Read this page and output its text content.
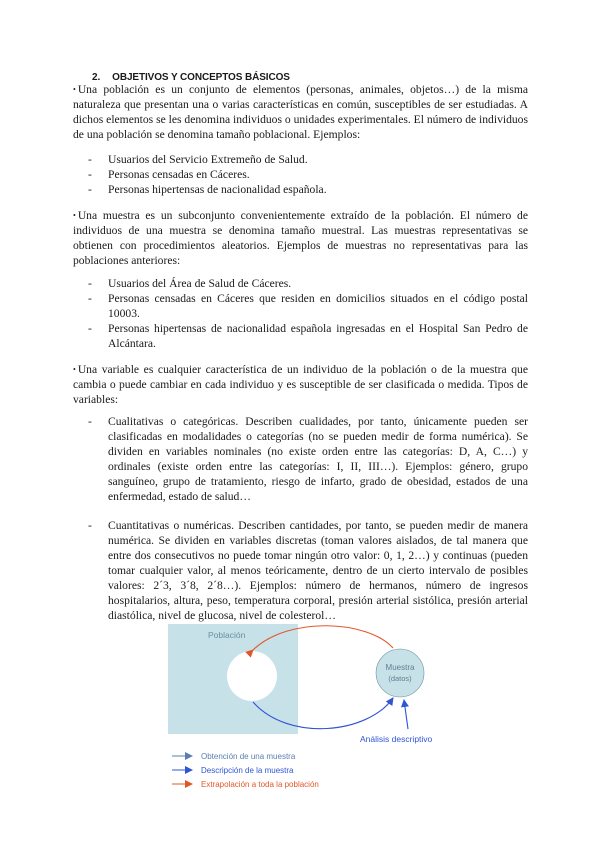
2. OBJETIVOS Y CONCEPTOS BÁSICOS

• Una población es un conjunto de elementos (personas, animales, objetos…) de la misma naturaleza que presentan una o varias características en común, susceptibles de ser estudiadas. A dichos elementos se les denomina individuos o unidades experimentales. El número de individuos de una población se denomina tamaño poblacional. Ejemplos:

- Usuarios del Servicio Extremeño de Salud.
- Personas censadas en Cáceres.
- Personas hipertensas de nacionalidad española.

• Una muestra es un subconjunto convenientemente extraído de la población. El número de individuos de una muestra se denomina tamaño muestral. Las muestras representativas se obtienen con procedimientos aleatorios. Ejemplos de muestras no representativas para las poblaciones anteriores:

- Usuarios del Área de Salud de Cáceres.
- Personas censadas en Cáceres que residen en domicilios situados en el código postal 10003.
- Personas hipertensas de nacionalidad española ingresadas en el Hospital San Pedro de Alcántara.

• Una variable es cualquier característica de un individuo de la población o de la muestra que cambia o puede cambiar en cada individuo y es susceptible de ser clasificada o medida. Tipos de variables:

- Cualitativas o categóricas. Describen cualidades, por tanto, únicamente pueden ser clasificadas en modalidades o categorías (no se pueden medir de forma numérica). Se dividen en variables nominales (no existe orden entre las categorías: D, A, C…) y ordinales (existe orden entre las categorías: I, II, III…). Ejemplos: género, grupo sanguíneo, grupo de tratamiento, riesgo de infarto, grado de obesidad, estados de una enfermedad, estado de salud…
- Cuantitativas o numéricas. Describen cantidades, por tanto, se pueden medir de manera numérica. Se dividen en variables discretas (toman valores aislados, de tal manera que entre dos consecutivos no puede tomar ningún otro valor: 0, 1, 2…) y continuas (pueden tomar cualquier valor, al menos teóricamente, dentro de un cierto intervalo de posibles valores: 2´3, 3´8, 2´8…). Ejemplos: número de hermanos, número de ingresos hospitalarios, altura, peso, temperatura corporal, presión arterial sistólica, presión arterial diastólica, nivel de glucosa, nivel de colesterol…
Población
Muestra
(datos)
Análisis descriptivo
Obtención de una muestra
Descripción de la muestra
Extrapolación a toda la población
